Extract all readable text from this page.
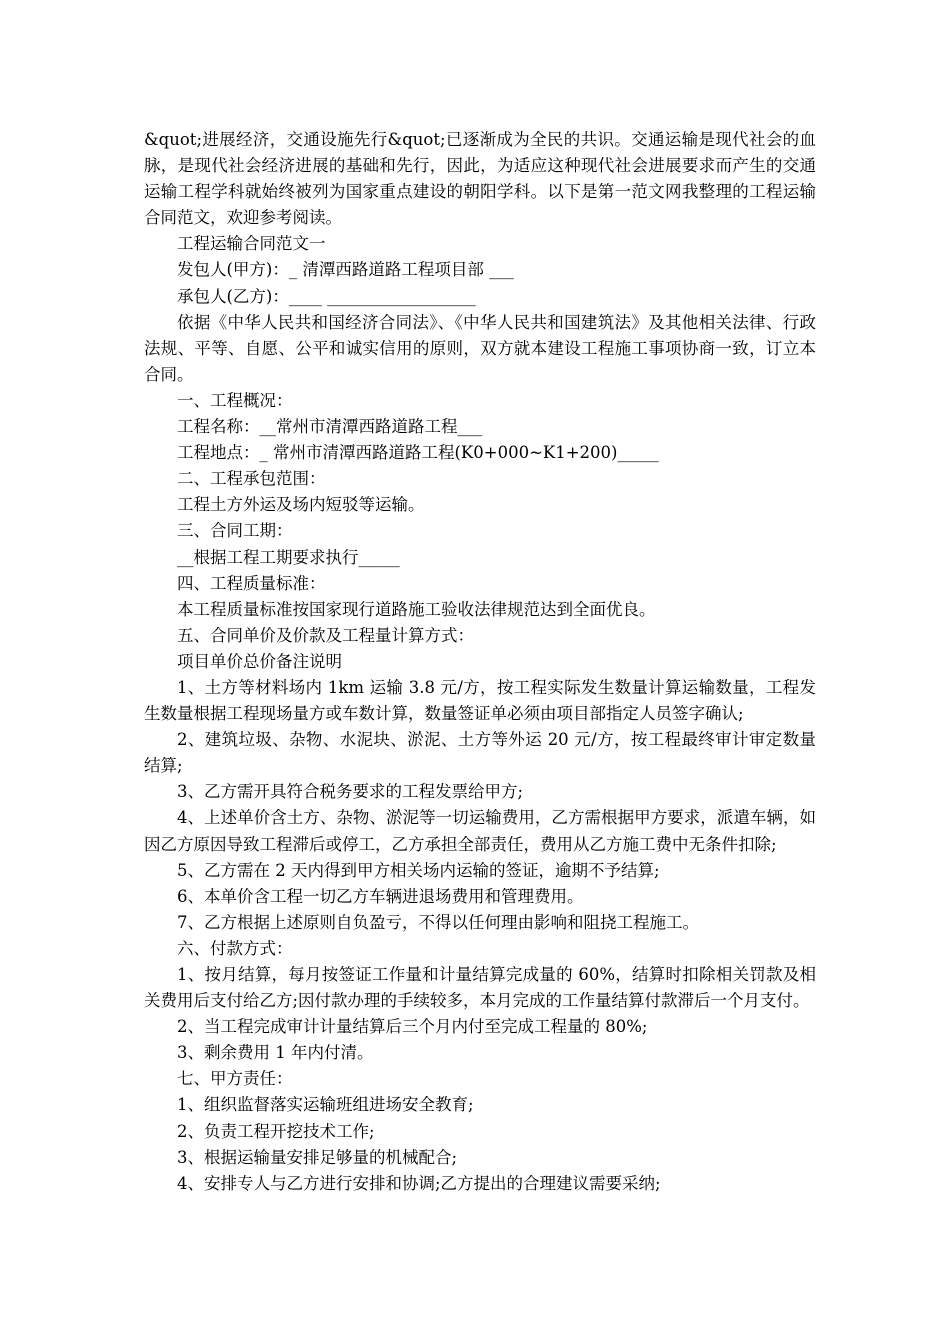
&quot;进展经济，交通设施先行&quot;已逐渐成为全民的共识。交通运输是现代社会的血脉，是现代社会经济进展的基础和先行，因此，为适应这种现代社会进展要求而产生的交通运输工程学科就始终被列为国家重点建设的朝阳学科。以下是第一范文网我整理的工程运输合同范文，欢迎参考阅读。

工程运输合同范文一

发包人(甲方)：_ 清潭西路道路工程项目部 ___

承包人(乙方)：____ __________________

依据《中华人民共和国经济合同法》、《中华人民共和国建筑法》及其他相关法律、行政法规、平等、自愿、公平和诚实信用的原则，双方就本建设工程施工事项协商一致，订立本合同。

一、工程概况：

工程名称：__常州市清潭西路道路工程___

工程地点：_ 常州市清潭西路道路工程(K0+000~K1+200)_____

二、工程承包范围：

工程土方外运及场内短驳等运输。

三、合同工期：

__根据工程工期要求执行_____

四、工程质量标准：

本工程质量标准按国家现行道路施工验收法律规范达到全面优良。

五、合同单价及价款及工程量计算方式：

项目单价总价备注说明

1、土方等材料场内 1km 运输 3.8 元/方，按工程实际发生数量计算运输数量，工程发生数量根据工程现场量方或车数计算，数量签证单必须由项目部指定人员签字确认;

2、建筑垃圾、杂物、水泥块、淤泥、土方等外运 20 元/方，按工程最终审计审定数量结算;

3、乙方需开具符合税务要求的工程发票给甲方;

4、上述单价含土方、杂物、淤泥等一切运输费用，乙方需根据甲方要求，派遣车辆，如因乙方原因导致工程滞后或停工，乙方承担全部责任，费用从乙方施工费中无条件扣除;

5、乙方需在 2 天内得到甲方相关场内运输的签证，逾期不予结算;

6、本单价含工程一切乙方车辆进退场费用和管理费用。

7、乙方根据上述原则自负盈亏，不得以任何理由影响和阻挠工程施工。

六、付款方式：

1、按月结算，每月按签证工作量和计量结算完成量的 60%，结算时扣除相关罚款及相关费用后支付给乙方;因付款办理的手续较多，本月完成的工作量结算付款滞后一个月支付。

2、当工程完成审计计量结算后三个月内付至完成工程量的 80%;

3、剩余费用 1 年内付清。

七、甲方责任：

1、组织监督落实运输班组进场安全教育;

2、负责工程开挖技术工作;

3、根据运输量安排足够量的机械配合;

4、安排专人与乙方进行安排和协调;乙方提出的合理建议需要采纳;
